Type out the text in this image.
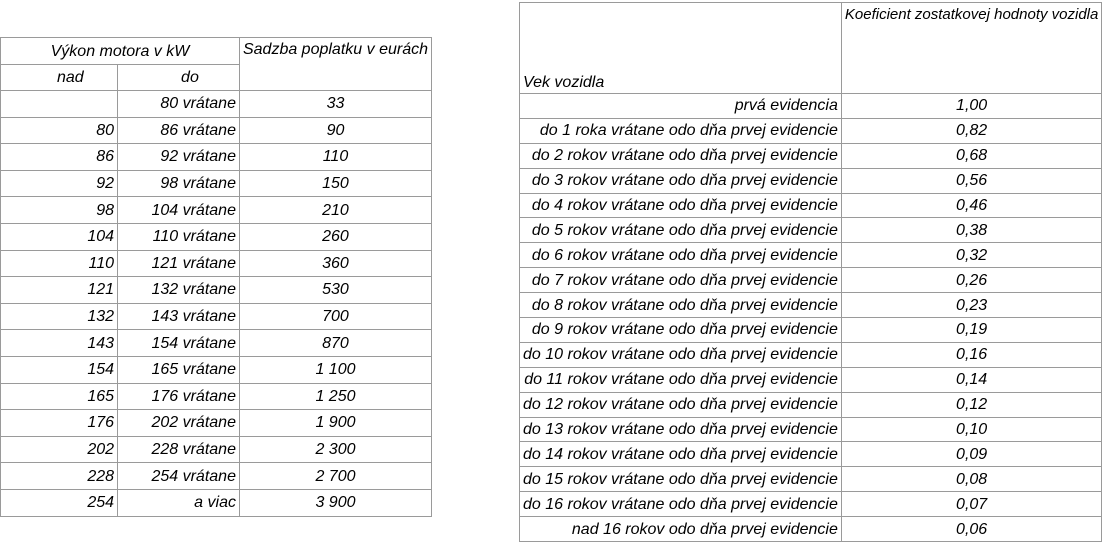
Výkon motora v kW		Sadzba poplatku v eurách
nad	do	
	80 vrátane	33
80	86 vrátane	90
86	92 vrátane	110
92	98 vrátane	150
98	104 vrátane	210
104	110 vrátane	260
110	121 vrátane	360
121	132 vrátane	530
132	143 vrátane	700
143	154 vrátane	870
154	165 vrátane	1 100
165	176 vrátane	1 250
176	202 vrátane	1 900
202	228 vrátane	2 300
228	254 vrátane	2 700
254	a viac	3 900
Vek vozidla	Koeficient zostatkovej hodnoty vozidla
prvá evidencia	1,00
do 1 roka vrátane odo dňa prvej evidencie	0,82
do 2 rokov vrátane odo dňa prvej evidencie	0,68
do 3 rokov vrátane odo dňa prvej evidencie	0,56
do 4 rokov vrátane odo dňa prvej evidencie	0,46
do 5 rokov vrátane odo dňa prvej evidencie	0,38
do 6 rokov vrátane odo dňa prvej evidencie	0,32
do 7 rokov vrátane odo dňa prvej evidencie	0,26
do 8 rokov vrátane odo dňa prvej evidencie	0,23
do 9 rokov vrátane odo dňa prvej evidencie	0,19
do 10 rokov vrátane odo dňa prvej evidencie	0,16
do 11 rokov vrátane odo dňa prvej evidencie	0,14
do 12 rokov vrátane odo dňa prvej evidencie	0,12
do 13 rokov vrátane odo dňa prvej evidencie	0,10
do 14 rokov vrátane odo dňa prvej evidencie	0,09
do 15 rokov vrátane odo dňa prvej evidencie	0,08
do 16 rokov vrátane odo dňa prvej evidencie	0,07
nad 16 rokov odo dňa prvej evidencie	0,06
